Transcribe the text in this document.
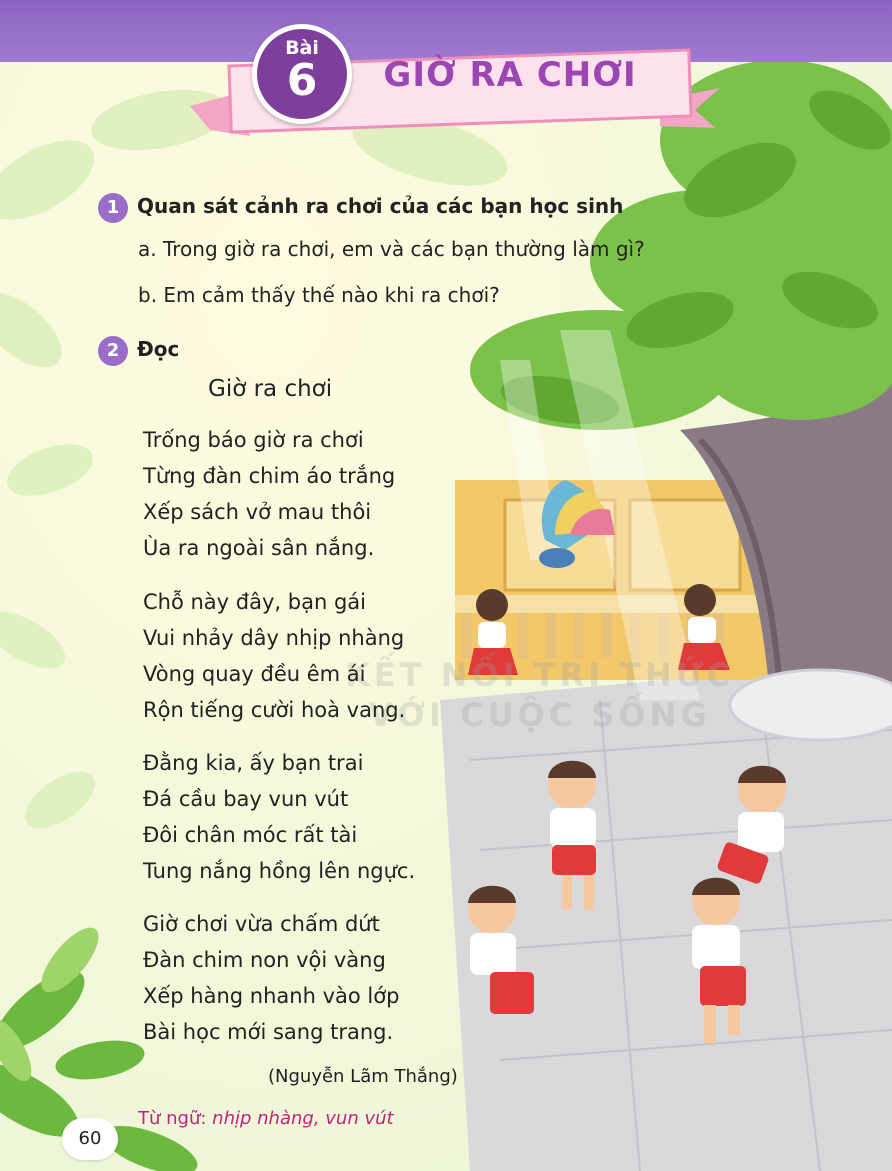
Bài
6	GIỜ RA CHƠI
1 Quan sát cảnh ra chơi của các bạn học sinh
a. Trong giờ ra chơi, em và các bạn thường làm gì?
b. Em cảm thấy thế nào khi ra chơi?
2 Đọc
KẾT NỐI TRI THỨC
VỚI CUỘC SỐNG
Giờ ra chơi
Trống báo giờ ra chơi
Từng đàn chim áo trắng
Xếp sách vở mau thôi
Ùa ra ngoài sân nắng.
Chỗ này đây, bạn gái
Vui nhảy dây nhịp nhàng
Vòng quay đều êm ái
Rộn tiếng cười hoà vang.
Đằng kia, ấy bạn trai
Đá cầu bay vun vút
Đôi chân móc rất tài
Tung nắng hồng lên ngực.
Giờ chơi vừa chấm dứt
Đàn chim non vội vàng
Xếp hàng nhanh vào lớp
Bài học mới sang trang.
(Nguyễn Lãm Thắng)
Từ ngữ: nhịp nhàng, vun vút
60
